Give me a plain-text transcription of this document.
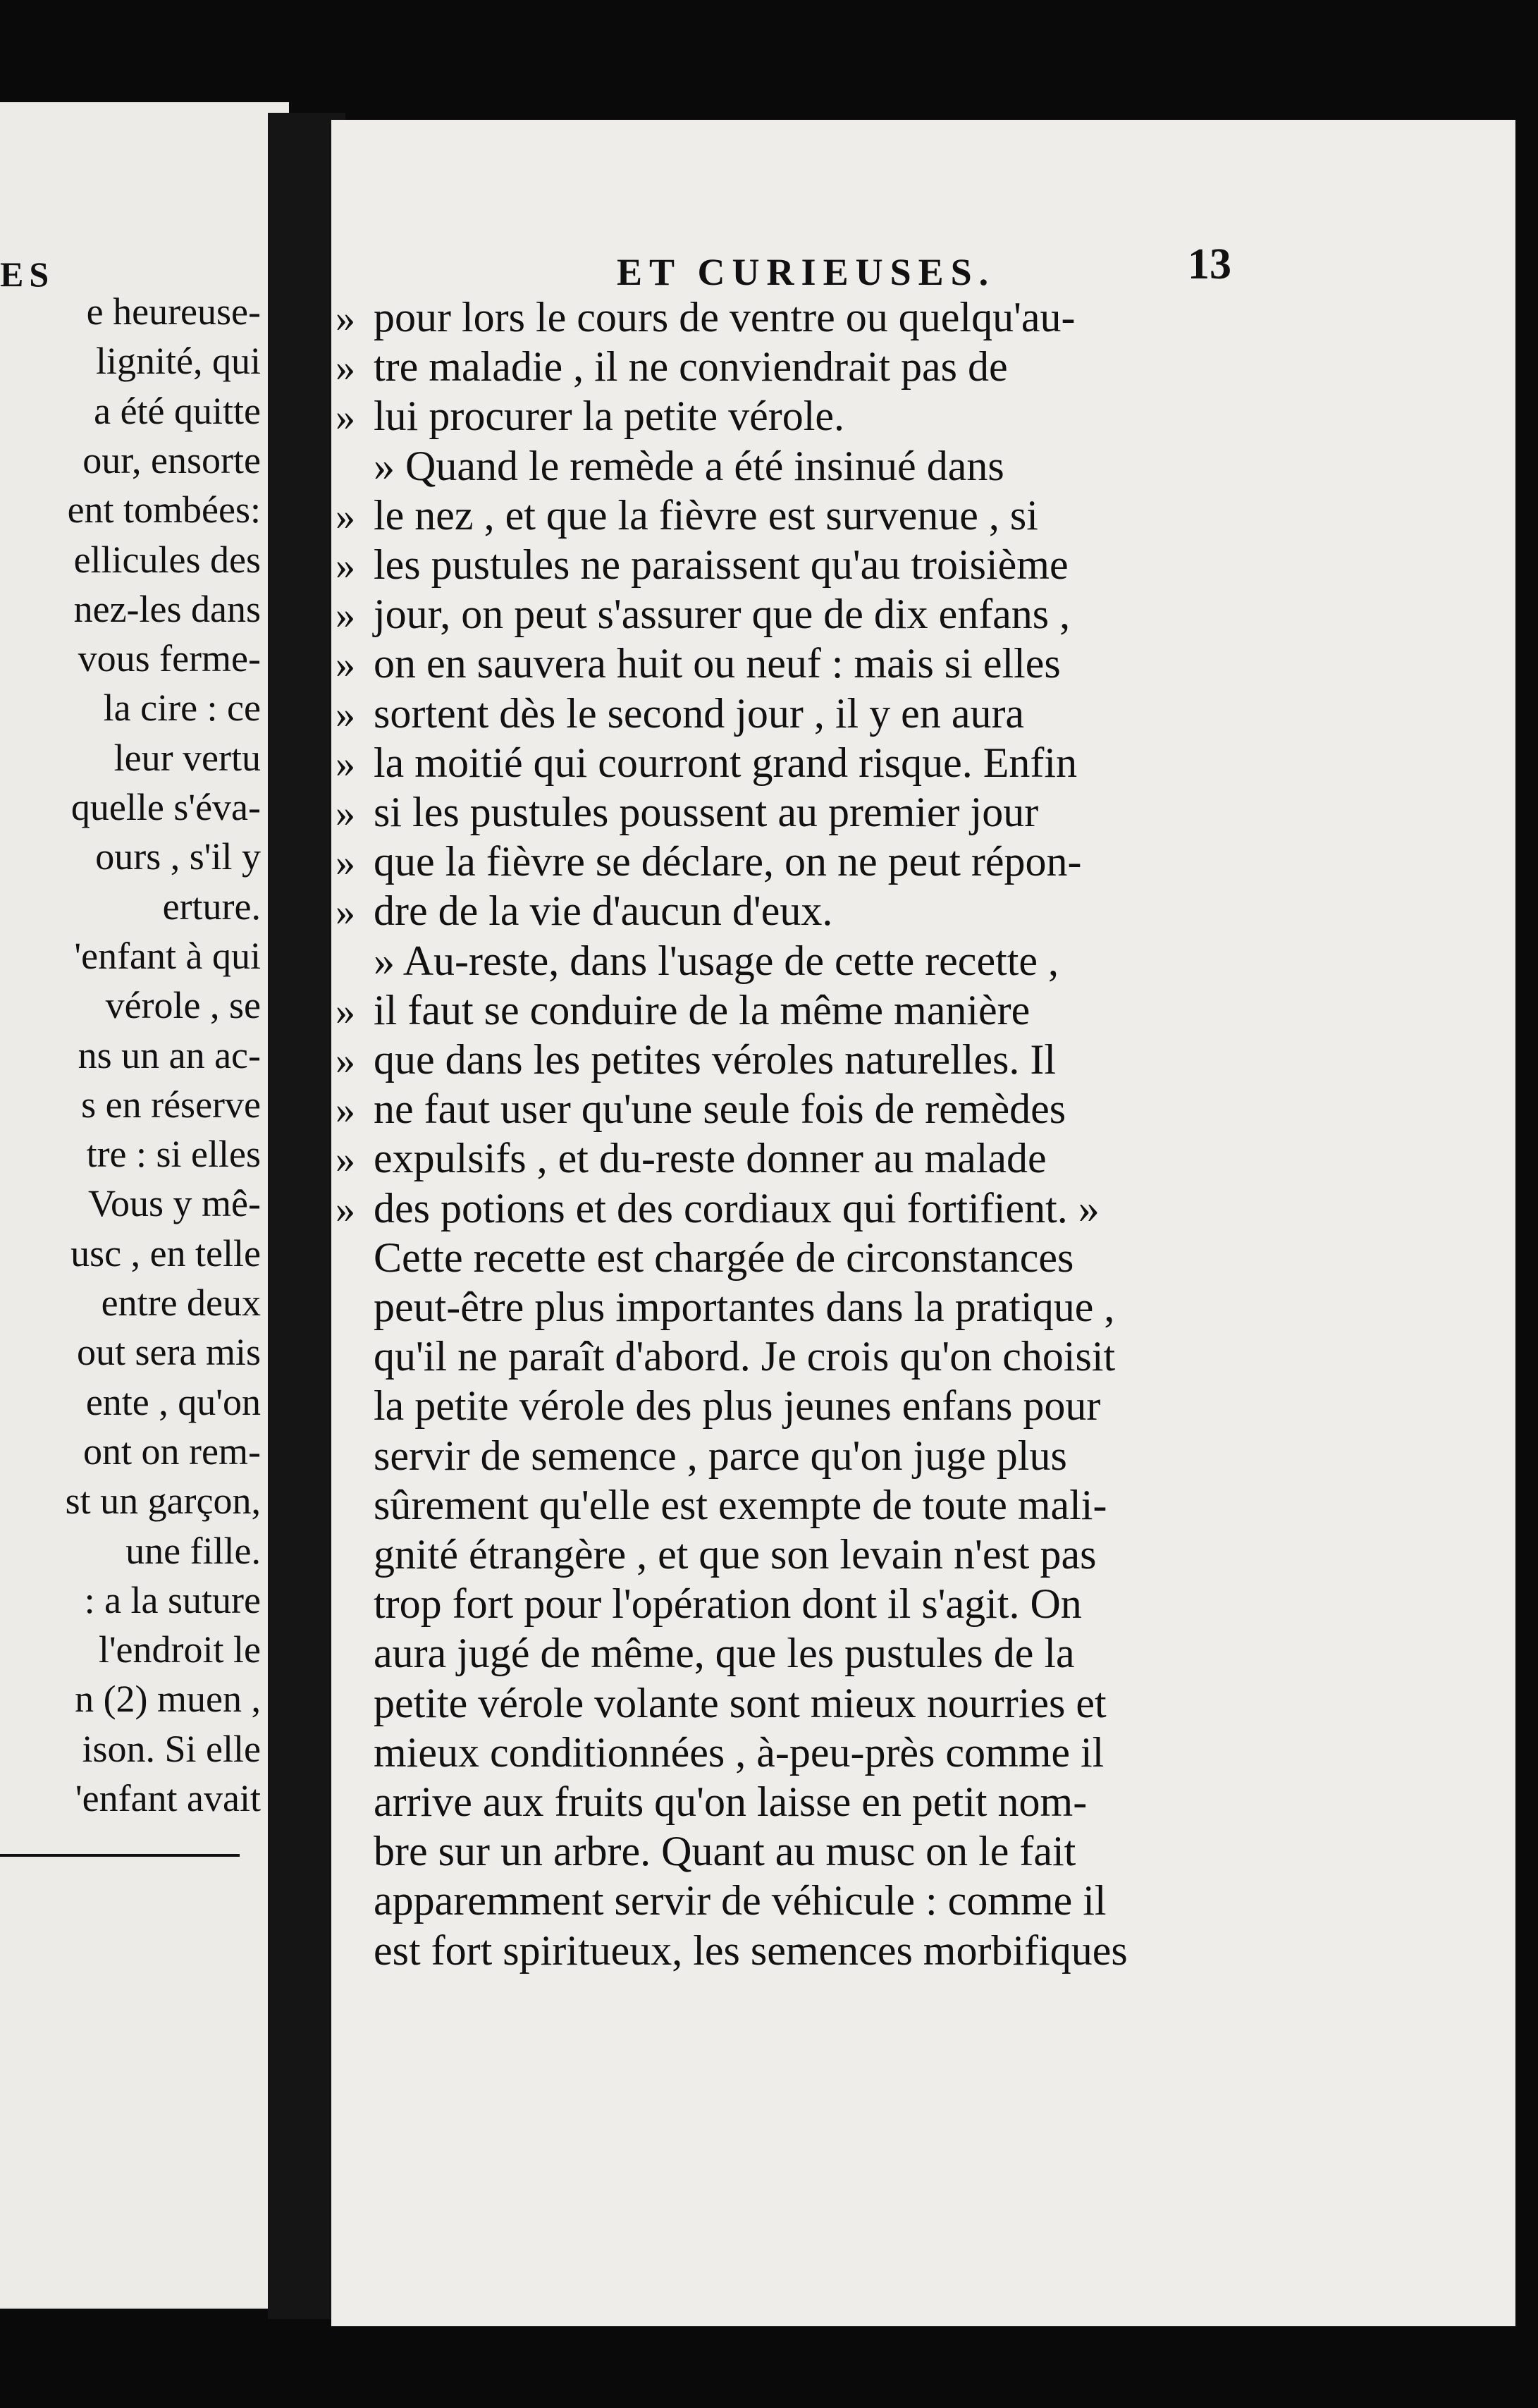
ES
e heureuse-
lignité, qui
a été quitte
our, ensorte
ent tombées:
ellicules des
nez-les dans
vous ferme-
la cire : ce
leur vertu
quelle s'éva-
ours , s'il y
erture.
'enfant à qui
vérole , se
ns un an ac-
s en réserve
tre : si elles
Vous y mê-
usc , en telle
entre deux
out sera mis
ente , qu'on
ont on rem-
st un garçon,
une fille.
: a la suture
l'endroit le
n (2) muen ,
ison. Si elle
'enfant avait
ET CURIEUSES.	13
» pour lors le cours de ventre ou quelqu'au-
» tre maladie , il ne conviendrait pas de
» lui procurer la petite vérole.
» Quand le remède a été insinué dans
» le nez , et que la fièvre est survenue , si
» les pustules ne paraissent qu'au troisième
» jour, on peut s'assurer que de dix enfans ,
» on en sauvera huit ou neuf : mais si elles
» sortent dès le second jour , il y en aura
» la moitié qui courront grand risque. Enfin
» si les pustules poussent au premier jour
» que la fièvre se déclare, on ne peut répon-
» dre de la vie d'aucun d'eux.
» Au-reste, dans l'usage de cette recette ,
» il faut se conduire de la même manière
» que dans les petites véroles naturelles. Il
» ne faut user qu'une seule fois de remèdes
» expulsifs , et du-reste donner au malade
» des potions et des cordiaux qui fortifient. »
Cette recette est chargée de circonstances
peut-être plus importantes dans la pratique ,
qu'il ne paraît d'abord. Je crois qu'on choisit
la petite vérole des plus jeunes enfans pour
servir de semence , parce qu'on juge plus
sûrement qu'elle est exempte de toute mali-
gnité étrangère , et que son levain n'est pas
trop fort pour l'opération dont il s'agit. On
aura jugé de même, que les pustules de la
petite vérole volante sont mieux nourries et
mieux conditionnées , à-peu-près comme il
arrive aux fruits qu'on laisse en petit nom-
bre sur un arbre. Quant au musc on le fait
apparemment servir de véhicule : comme il
est fort spiritueux, les semences morbifiques
